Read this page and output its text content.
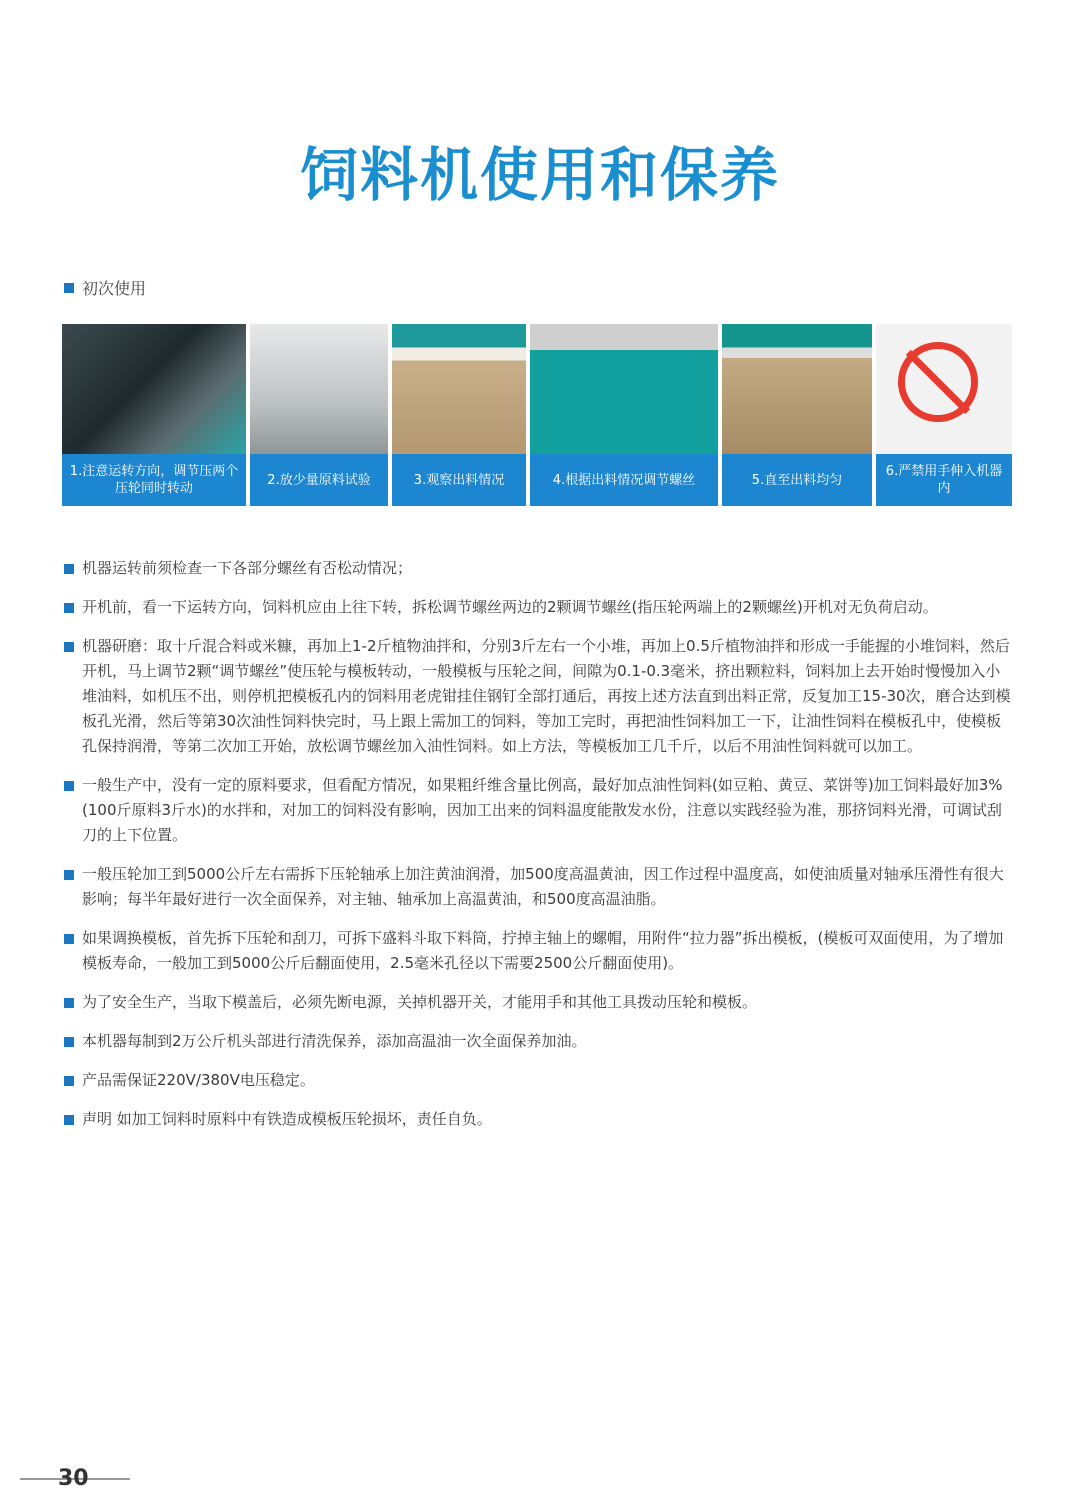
饲料机使用和保养
初次使用
1.注意运转方向，调节压两个压轮同时转动
2.放少量原料试验	3.观察出料情况	4.根据出料情况调节螺丝	5.直至出料均匀
6.严禁用手伸入机器内
机器运转前须检查一下各部分螺丝有否松动情况；
开机前，看一下运转方向，饲料机应由上往下转，拆松调节螺丝两边的2颗调节螺丝(指压轮两端上的2颗螺丝)开机对无负荷启动。
机器研磨：取十斤混合料或米糠，再加上1-2斤植物油拌和，分别3斤左右一个小堆，再加上0.5斤植物油拌和形成一手能握的小堆饲料，然后开机，马上调节2颗“调节螺丝”使压轮与模板转动，一般模板与压轮之间，间隙为0.1-0.3毫米，挤出颗粒料，饲料加上去开始时慢慢加入小堆油料，如机压不出，则停机把模板孔内的饲料用老虎钳挂住钢钉全部打通后，再按上述方法直到出料正常，反复加工15-30次，磨合达到模板孔光滑，然后等第30次油性饲料快完时，马上跟上需加工的饲料，等加工完时，再把油性饲料加工一下，让油性饲料在模板孔中，使模板孔保持润滑，等第二次加工开始，放松调节螺丝加入油性饲料。如上方法，等模板加工几千斤，以后不用油性饲料就可以加工。
一般生产中，没有一定的原料要求，但看配方情况，如果粗纤维含量比例高，最好加点油性饲料(如豆粕、黄豆、菜饼等)加工饲料最好加3%(100斤原料3斤水)的水拌和，对加工的饲料没有影响，因加工出来的饲料温度能散发水份，注意以实践经验为准，那挤饲料光滑，可调试刮刀的上下位置。
一般压轮加工到5000公斤左右需拆下压轮轴承上加注黄油润滑，加500度高温黄油，因工作过程中温度高，如使油质量对轴承压滑性有很大影响；每半年最好进行一次全面保养，对主轴、轴承加上高温黄油，和500度高温油脂。
如果调换模板，首先拆下压轮和刮刀，可拆下盛料斗取下料筒，拧掉主轴上的螺帽，用附件“拉力器”拆出模板，(模板可双面使用，为了增加模板寿命，一般加工到5000公斤后翻面使用，2.5毫米孔径以下需要2500公斤翻面使用)。
为了安全生产，当取下模盖后，必须先断电源，关掉机器开关，才能用手和其他工具拨动压轮和模板。
本机器每制到2万公斤机头部进行清洗保养，添加高温油一次全面保养加油。
产品需保证220V/380V电压稳定。
声明 如加工饲料时原料中有铁造成模板压轮损坏，责任自负。
30
